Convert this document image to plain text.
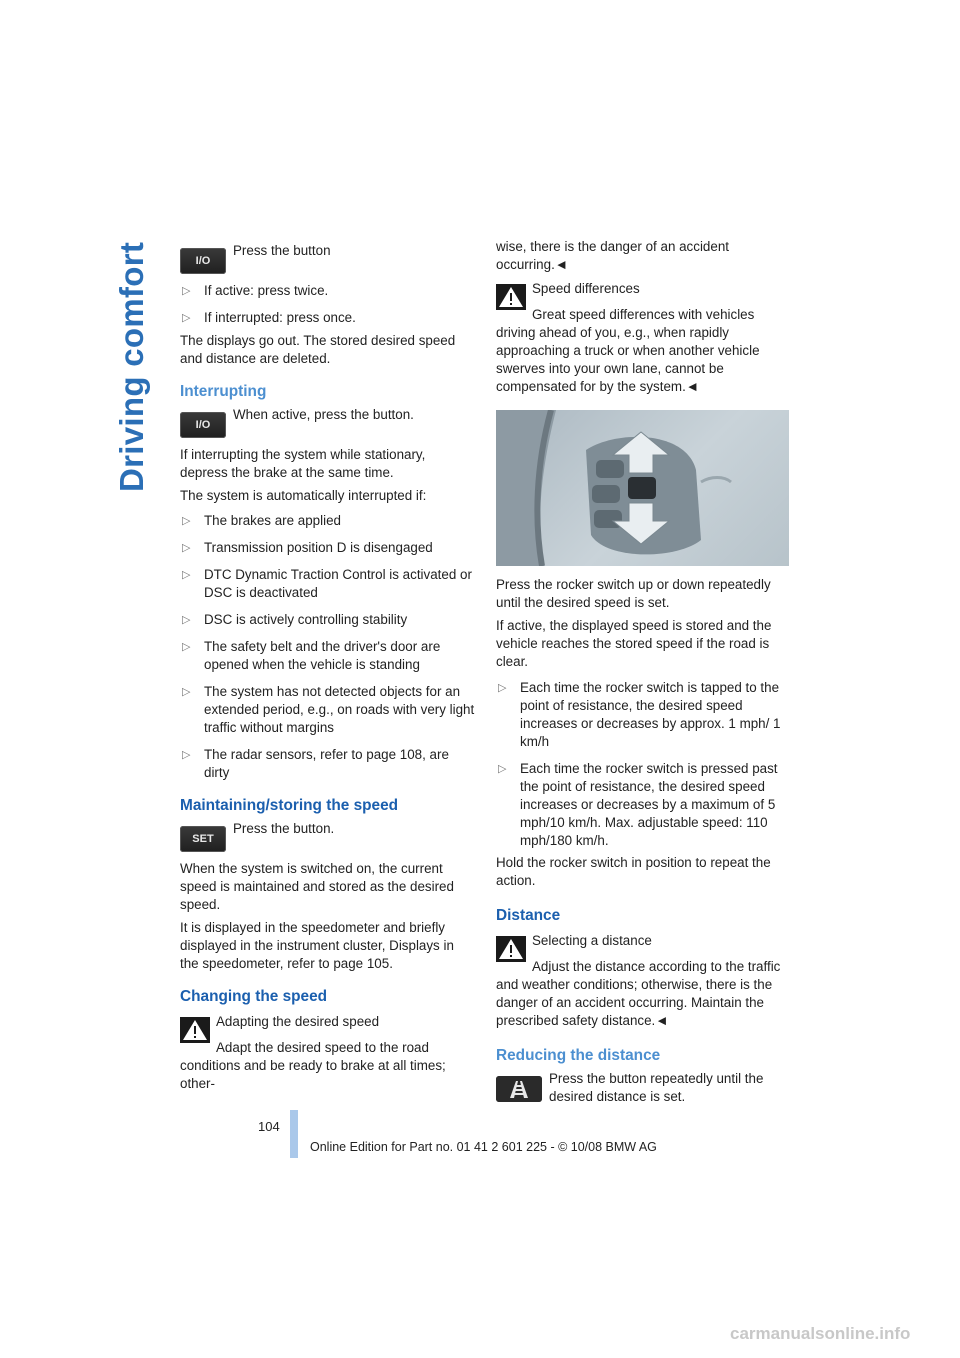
Driving comfort	I/O
Press the button
▷ If active: press twice.
▷ If interrupted: press once.

The displays go out. The stored desired speed and distance are deleted.

Interrupting
I/O
When active, press the button.

If interrupting the system while stationary, depress the brake at the same time.

The system is automatically interrupted if:

▷ The brakes are applied
▷ Transmission position D is disengaged
▷ DTC Dynamic Traction Control is activated or DSC is deactivated
▷ DSC is actively controlling stability
▷ The safety belt and the driver's door are opened when the vehicle is standing
▷ The system has not detected objects for an extended period, e.g., on roads with very light traffic without margins
▷ The radar sensors, refer to page 108, are dirty
Maintaining/storing the speed
SET
Press the button.

When the system is switched on, the current speed is maintained and stored as the desired speed.

It is displayed in the speedometer and briefly displayed in the instrument cluster, Displays in the speedometer, refer to page 105.

Changing the speed
Adapting the desired speed
Adapt the desired speed to the road conditions and be ready to brake at all times; other-

wise, there is the danger of an accident occurring.◄

Speed differences
Great speed differences with vehicles driving ahead of you, e.g., when rapidly approaching a truck or when another vehicle swerves into your own lane, cannot be compensated for by the system.◄

Press the rocker switch up or down repeatedly until the desired speed is set.

If active, the displayed speed is stored and the vehicle reaches the stored speed if the road is clear.

▷ Each time the rocker switch is tapped to the point of resistance, the desired speed increases or decreases by approx. 1 mph/ 1 km/h
▷ Each time the rocker switch is pressed past the point of resistance, the desired speed increases or decreases by a maximum of 5 mph/10 km/h. Max. adjustable speed: 110 mph/180 km/h.

Hold the rocker switch in position to repeat the action.

Distance
Selecting a distance
Adjust the distance according to the traffic and weather conditions; otherwise, there is the danger of an accident occurring. Maintain the prescribed safety distance.◄
Reducing the distance
Press the button repeatedly until the desired distance is set.
104
Online Edition for Part no. 01 41 2 601 225 - © 10/08 BMW AG
carmanualsonline.info
